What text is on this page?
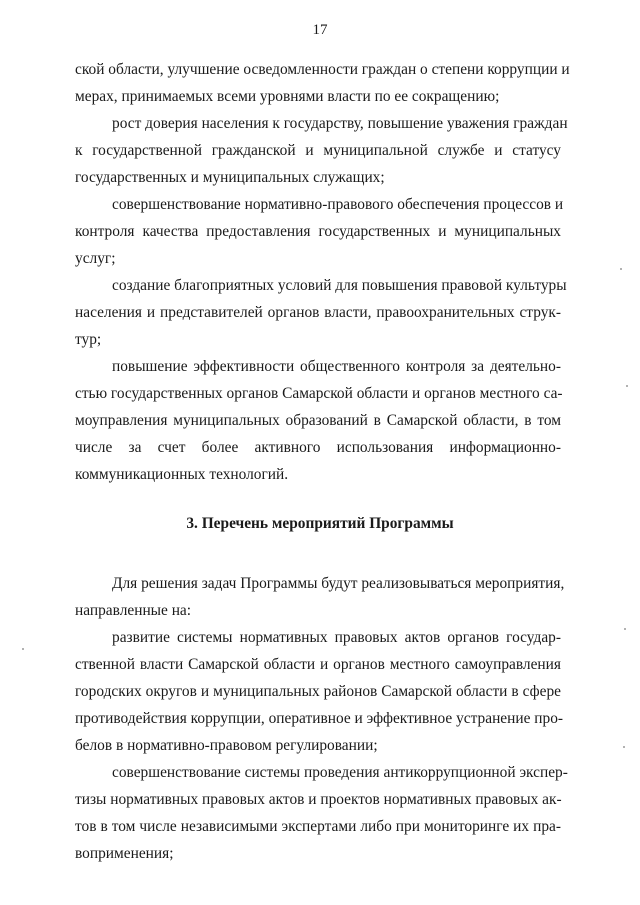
17
ской области, улучшение осведомленности граждан о степени коррупции и
мерах, принимаемых всеми уровнями власти по ее сокращению;
рост доверия населения к государству, повышение уважения граждан
к государственной гражданской и муниципальной службе и статусу
государственных и муниципальных служащих;
совершенствование нормативно-правового обеспечения процессов и
контроля качества предоставления государственных и муниципальных
услуг;
создание благоприятных условий для повышения правовой культуры
населения и представителей органов власти, правоохранительных струк-
тур;
повышение эффективности общественного контроля за деятельно-
стью государственных органов Самарской области и органов местного са-
моуправления муниципальных образований в Самарской области, в том
числе за счет более активного использования информационно-
коммуникационных технологий.
3. Перечень мероприятий Программы
Для решения задач Программы будут реализовываться мероприятия,
направленные на:
развитие системы нормативных правовых актов органов государ-
ственной власти Самарской области и органов местного самоуправления
городских округов и муниципальных районов Самарской области в сфере
противодействия коррупции, оперативное и эффективное устранение про-
белов в нормативно-правовом регулировании;
совершенствование системы проведения антикоррупционной экспер-
тизы нормативных правовых актов и проектов нормативных правовых ак-
тов в том числе независимыми экспертами либо при мониторинге их пра-
воприменения;
